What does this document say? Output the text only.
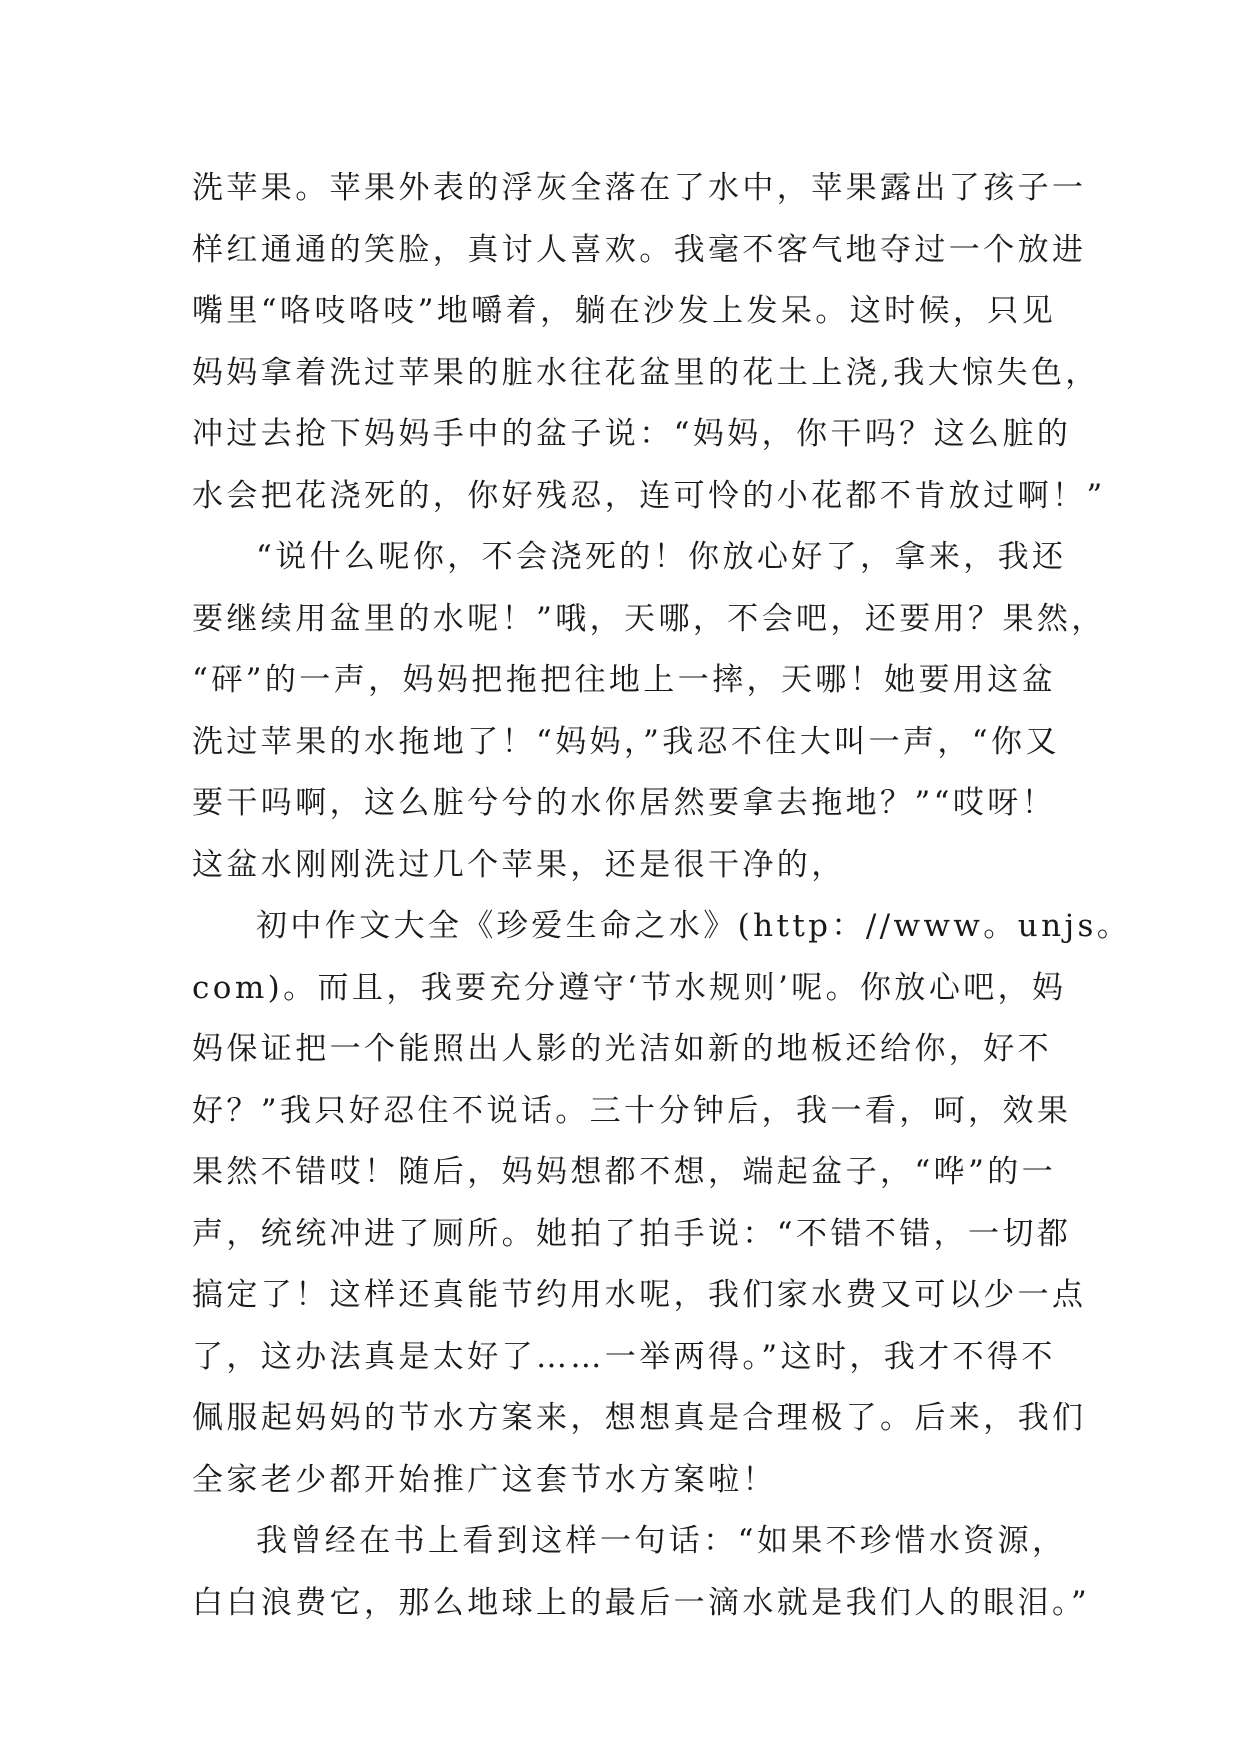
洗苹果。苹果外表的浮灰全落在了水中，苹果露出了孩子一
样红通通的笑脸，真讨人喜欢。我毫不客气地夺过一个放进
嘴里“咯吱咯吱”地嚼着，躺在沙发上发呆。这时候，只见
妈妈拿着洗过苹果的脏水往花盆里的花土上浇,我大惊失色，
冲过去抢下妈妈手中的盆子说：“妈妈，你干吗？这么脏的
水会把花浇死的，你好残忍，连可怜的小花都不肯放过啊！”
“说什么呢你，不会浇死的！你放心好了，拿来，我还
要继续用盆里的水呢！”哦，天哪，不会吧，还要用？果然，
“砰”的一声，妈妈把拖把往地上一摔，天哪！她要用这盆
洗过苹果的水拖地了！“妈妈，”我忍不住大叫一声，“你又
要干吗啊，这么脏兮兮的水你居然要拿去拖地？”“哎呀！
这盆水刚刚洗过几个苹果，还是很干净的，
初中作文大全《珍爱生命之水》(http：//www。unjs。
com)。而且，我要充分遵守‘节水规则’呢。你放心吧，妈
妈保证把一个能照出人影的光洁如新的地板还给你，好不
好？”我只好忍住不说话。三十分钟后，我一看，呵，效果
果然不错哎！随后，妈妈想都不想，端起盆子，“哗”的一
声，统统冲进了厕所。她拍了拍手说：“不错不错，一切都
搞定了！这样还真能节约用水呢，我们家水费又可以少一点
了，这办法真是太好了……一举两得。”这时，我才不得不
佩服起妈妈的节水方案来，想想真是合理极了。后来，我们
全家老少都开始推广这套节水方案啦！
我曾经在书上看到这样一句话：“如果不珍惜水资源，
白白浪费它，那么地球上的最后一滴水就是我们人的眼泪。”
